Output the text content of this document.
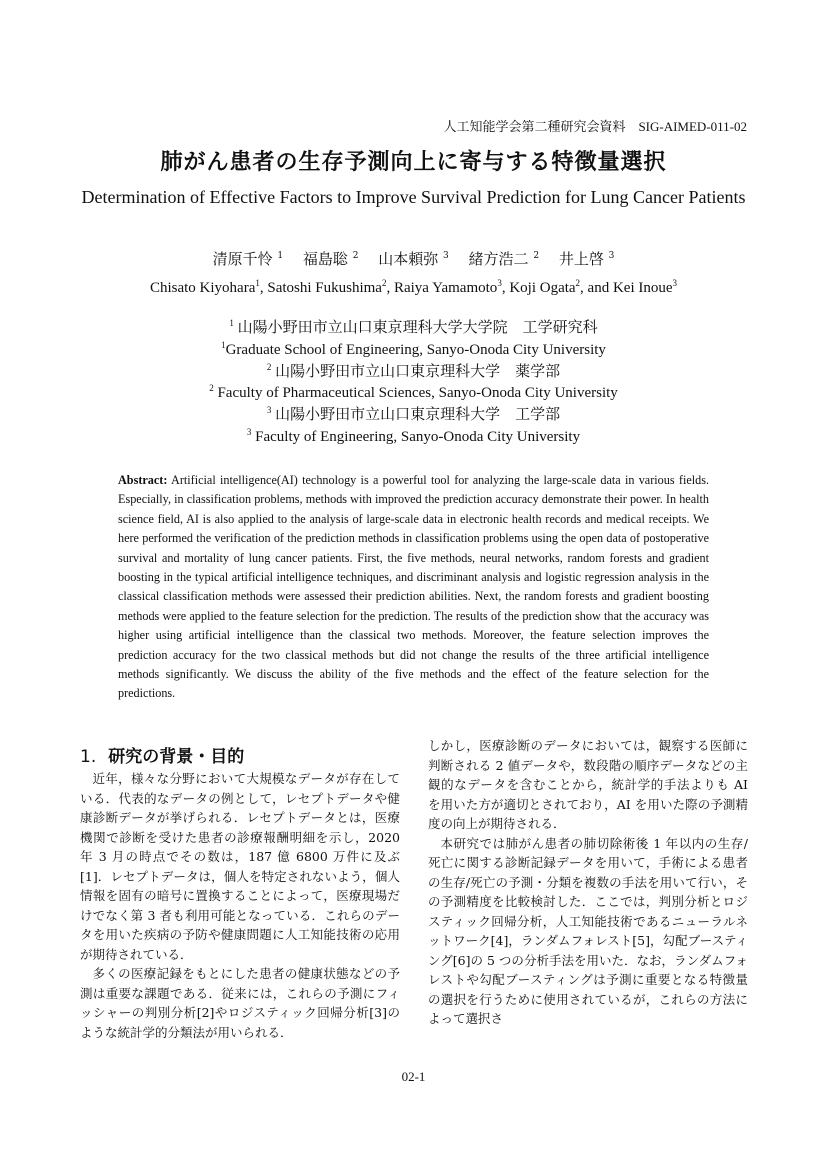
人工知能学会第二種研究会資料　SIG-AIMED-011-02
肺がん患者の生存予測向上に寄与する特徴量選択
Determination of Effective Factors to Improve Survival Prediction for Lung Cancer Patients
清原千怜 $^1$  福島聡 $^2$  山本頼弥 $^3$  緒方浩二 $^2$  井上啓 $^3$
Chisato Kiyohara$^1$, Satoshi Fukushima$^2$, Raiya Yamamoto$^3$, Koji Ogata$^2$, and Kei Inoue$^3$
$^1$ 山陽小野田市立山口東京理科大学大学院　工学研究科
$^1$Graduate School of Engineering, Sanyo-Onoda City University
$^2$ 山陽小野田市立山口東京理科大学　薬学部
$^2$ Faculty of Pharmaceutical Sciences, Sanyo-Onoda City University
$^3$ 山陽小野田市立山口東京理科大学　工学部
$^3$ Faculty of Engineering, Sanyo-Onoda City University
Abstract: Artificial intelligence(AI) technology is a powerful tool for analyzing the large-scale data in various fields. Especially, in classification problems, methods with improved the prediction accuracy demonstrate their power. In health science field, AI is also applied to the analysis of large-scale data in electronic health records and medical receipts. We here performed the verification of the prediction methods in classification problems using the open data of postoperative survival and mortality of lung cancer patients. First, the five methods, neural networks, random forests and gradient boosting in the typical artificial intelligence techniques, and discriminant analysis and logistic regression analysis in the classical classification methods were assessed their prediction abilities. Next, the random forests and gradient boosting methods were applied to the feature selection for the prediction. The results of the prediction show that the accuracy was higher using artificial intelligence than the classical two methods. Moreover, the feature selection improves the prediction accuracy for the two classical methods but did not change the results of the three artificial intelligence methods significantly. We discuss the ability of the five methods and the effect of the feature selection for the predictions.
1. 研究の背景・目的

近年，様々な分野において大規模なデータが存在している．代表的なデータの例として，レセプトデータや健康診断データが挙げられる．レセプトデータとは，医療機関で診断を受けた患者の診療報酬明細を示し，2020 年 3 月の時点でその数は，187 億 6800 万件に及ぶ[1]．レセプトデータは，個人を特定されないよう，個人情報を固有の暗号に置換することによって，医療現場だけでなく第 3 者も利用可能となっている．これらのデータを用いた疾病の予防や健康問題に人工知能技術の応用が期待されている．

多くの医療記録をもとにした患者の健康状態などの予測は重要な課題である．従来には，これらの予測にフィッシャーの判別分析[2]やロジスティック回帰分析[3]のような統計学的分類法が用いられる．

しかし，医療診断のデータにおいては，観察する医師に判断される 2 値データや，数段階の順序データなどの主観的なデータを含むことから，統計学的手法よりも AI を用いた方が適切とされており，AI を用いた際の予測精度の向上が期待される．

本研究では肺がん患者の肺切除術後 1 年以内の生存/死亡に関する診断記録データを用いて，手術による患者の生存/死亡の予測・分類を複数の手法を用いて行い，その予測精度を比較検討した．ここでは，判別分析とロジスティック回帰分析，人工知能技術であるニューラルネットワーク[4]，ランダムフォレスト[5]，勾配ブースティング[6]の 5 つの分析手法を用いた．なお，ランダムフォレストや勾配ブースティングは予測に重要となる特徴量の選択を行うために使用されているが，これらの方法によって選択さ

02-1
